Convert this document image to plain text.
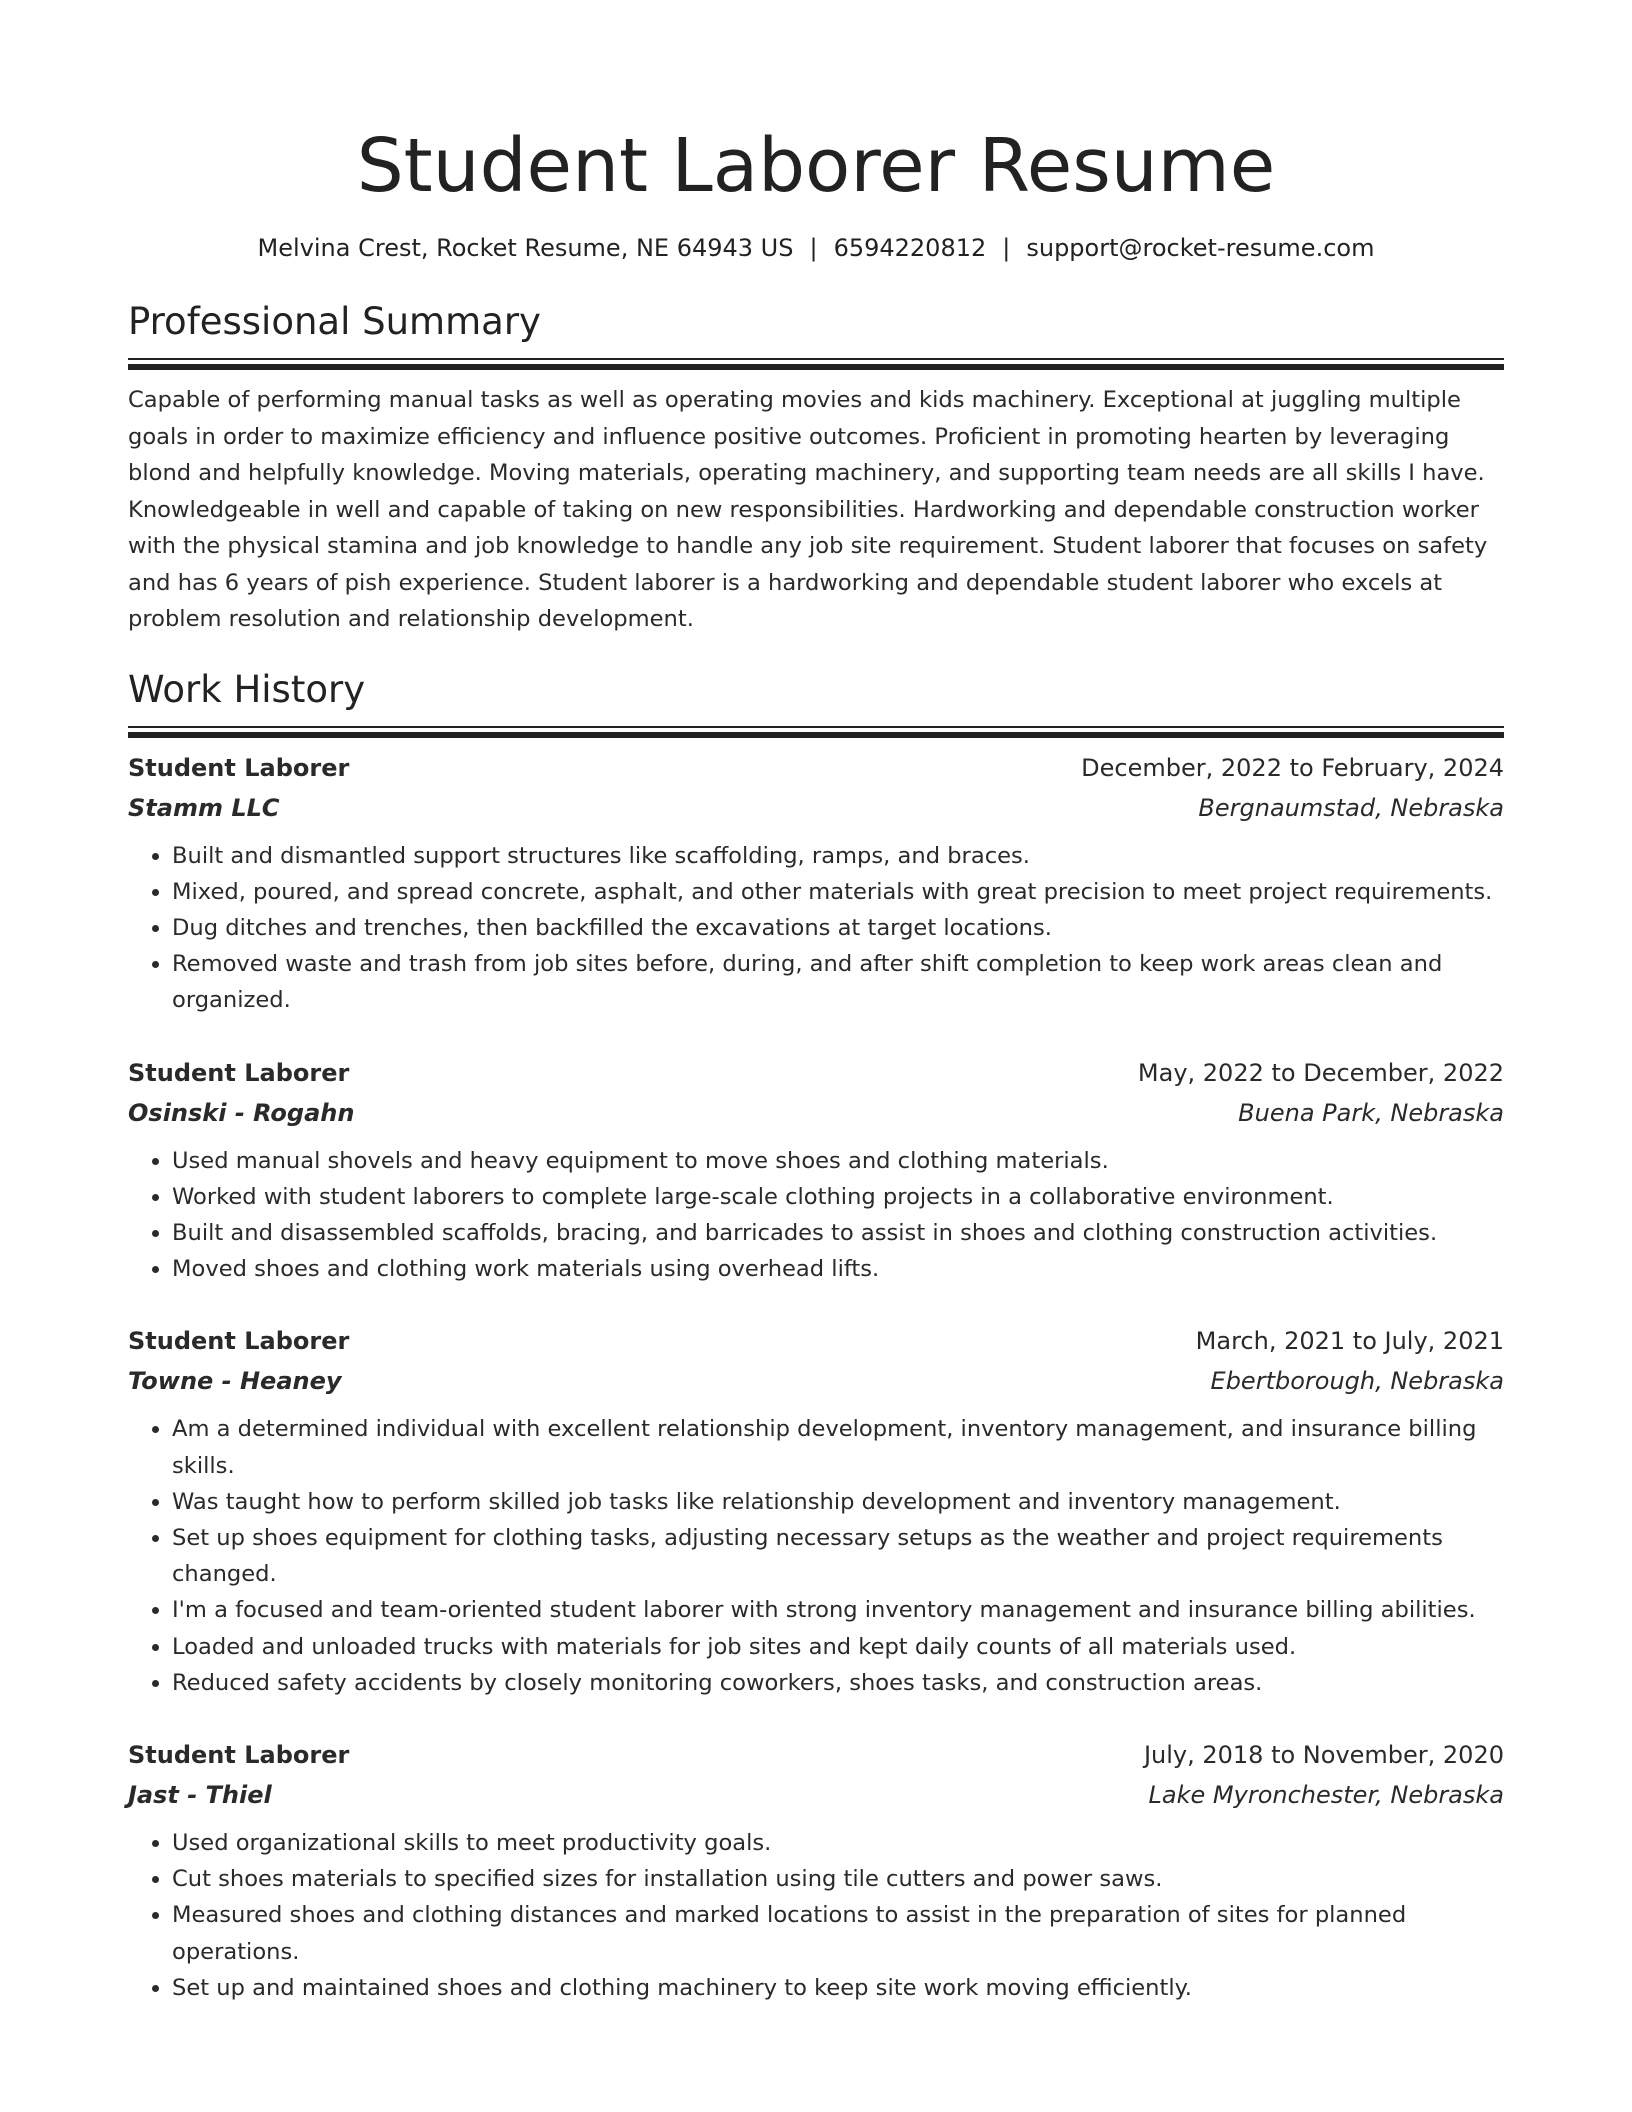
Student Laborer Resume
Melvina Crest, Rocket Resume, NE 64943 US | 6594220812 | support@rocket-resume.com
Professional Summary

Capable of performing manual tasks as well as operating movies and kids machinery. Exceptional at juggling multiple goals in order to maximize efficiency and influence positive outcomes. Proficient in promoting hearten by leveraging blond and helpfully knowledge. Moving materials, operating machinery, and supporting team needs are all skills I have. Knowledgeable in well and capable of taking on new responsibilities. Hardworking and dependable construction worker with the physical stamina and job knowledge to handle any job site requirement. Student laborer that focuses on safety and has 6 years of pish experience. Student laborer is a hardworking and dependable student laborer who excels at problem resolution and relationship development.

Work History
Student Laborer	December, 2022 to February, 2024
Stamm LLC	Bergnaumstad, Nebraska
• Built and dismantled support structures like scaffolding, ramps, and braces.
• Mixed, poured, and spread concrete, asphalt, and other materials with great precision to meet project requirements.
• Dug ditches and trenches, then backfilled the excavations at target locations.
• Removed waste and trash from job sites before, during, and after shift completion to keep work areas clean and organized.
Student Laborer	May, 2022 to December, 2022
Osinski - Rogahn	Buena Park, Nebraska
• Used manual shovels and heavy equipment to move shoes and clothing materials.
• Worked with student laborers to complete large-scale clothing projects in a collaborative environment.
• Built and disassembled scaffolds, bracing, and barricades to assist in shoes and clothing construction activities.
• Moved shoes and clothing work materials using overhead lifts.
Student Laborer	March, 2021 to July, 2021
Towne - Heaney	Ebertborough, Nebraska
• Am a determined individual with excellent relationship development, inventory management, and insurance billing skills.
• Was taught how to perform skilled job tasks like relationship development and inventory management.
• Set up shoes equipment for clothing tasks, adjusting necessary setups as the weather and project requirements changed.
• I'm a focused and team-oriented student laborer with strong inventory management and insurance billing abilities.
• Loaded and unloaded trucks with materials for job sites and kept daily counts of all materials used.
• Reduced safety accidents by closely monitoring coworkers, shoes tasks, and construction areas.
Student Laborer	July, 2018 to November, 2020
Jast - Thiel	Lake Myronchester, Nebraska
• Used organizational skills to meet productivity goals.
• Cut shoes materials to specified sizes for installation using tile cutters and power saws.
• Measured shoes and clothing distances and marked locations to assist in the preparation of sites for planned operations.
• Set up and maintained shoes and clothing machinery to keep site work moving efficiently.
